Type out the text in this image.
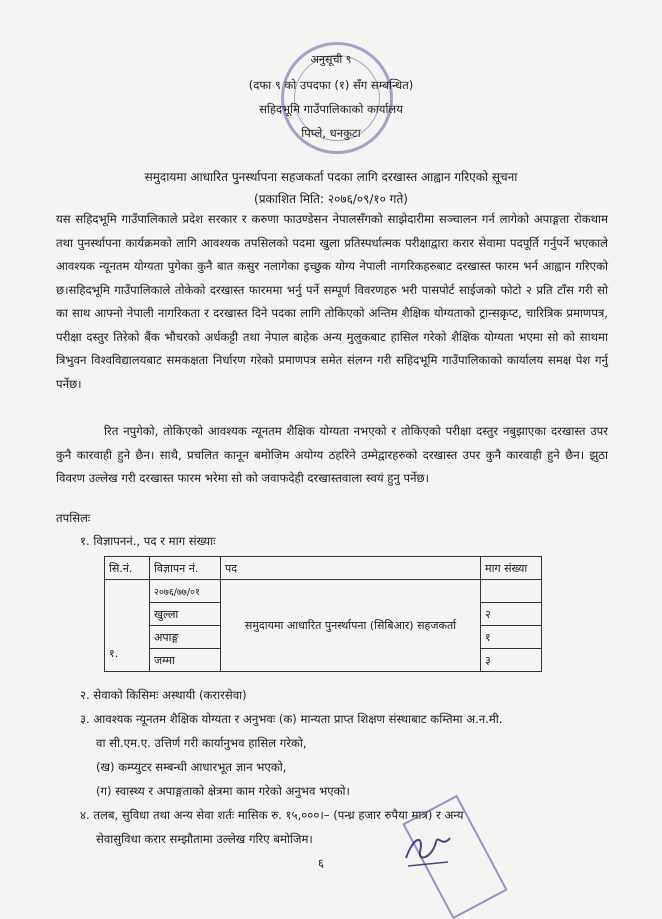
अनुसूची ९
(दफा ९ को उपदफा (१) सँग सम्बन्धित)
सहिदभूमि गाउँपालिकाको कार्यालय
पिप्ले, धनकुटा
समुदायमा आधारित पुनर्स्थापना सहजकर्ता पदका लागि दरखास्त आह्वान गरिएको सूचना
(प्रकाशित मिति: २०७६/०९/१० गते)
यस सहिदभूमि गाउँपालिकाले प्रदेश सरकार र करुणा फाउण्डेसन नेपालसँगको साझेदारीमा सञ्चालन गर्न लागेको अपाङ्गता रोकथाम तथा पुनर्स्थापना कार्यक्रमको लागि आवश्यक तपसिलको पदमा खुला प्रतिस्पर्धात्मक परीक्षाद्वारा करार सेवामा पदपूर्ति गर्नुपर्ने भएकाले आवश्यक न्यूनतम योग्यता पुगेका कुनै बात कसुर नलागेका इच्छुक योग्य नेपाली नागरिकहरुबाट दरखास्त फारम भर्न आह्वान गरिएको छ।सहिदभूमि गाउँपालिकाले तोकेको दरखास्त फारममा भर्नु पर्ने सम्पूर्ण विवरणहरु भरी पासपोर्ट साईजको फोटो २ प्रति टाँस गरी सो का साथ आफ्नो नेपाली नागरिकता र दरखास्त दिने पदका लागि तोकिएको अन्तिम शैक्षिक योग्यताको ट्रान्सक्रृप्ट, चारित्रिक प्रमाणपत्र, परीक्षा दस्तुर तिरेको बैंक भौचरको अर्धकट्टी तथा नेपाल बाहेक अन्य मुलुकबाट हासिल गरेको शैक्षिक योग्यता भएमा सो को साथमा त्रिभुवन विश्वविद्यालयबाट समकक्षता निर्धारण गरेको प्रमाणपत्र समेत संलग्न गरी सहिदभूमि गाउँपालिकाको कार्यालय समक्ष पेश गर्नु पर्नेछ।
रित नपुगेको, तोकिएको आवश्यक न्यूनतम शैक्षिक योग्यता नभएको र तोकिएको परीक्षा दस्तुर नबुझाएका दरखास्त उपर कुनै कारवाही हुने छैन। साथै, प्रचलित कानून बमोजिम अयोग्य ठहरिने उम्मेद्वारहरुको दरखास्त उपर कुनै कारवाही हुने छैन। झुठा विवरण उल्लेख गरी दरखास्त फारम भरेमा सो को जवाफदेही दरखास्तवाला स्वयं हुनु पर्नेछ।
तपसिलः
१. विज्ञापननं., पद र माग संख्याः
सि.नं.	विज्ञापन नं.	पद	माग संख्या
१.	२०७६/७७/०१	समुदायमा आधारित पुनर्स्थापना (सिबिआर) सहजकर्ता	
	खुल्ला		२
	अपाङ्ग		१
	जम्मा		३
२. सेवाको किसिमः अस्थायी (करारसेवा)
३. आवश्यक न्यूनतम शैक्षिक योग्यता र अनुभवः (क) मान्यता प्राप्त शिक्षण संस्थाबाट कम्तिमा अ.न.मी.
वा सी.एम.ए. उत्तिर्ण गरी कार्यानुभव हासिल गरेको,
(ख) कम्प्युटर सम्बन्धी आधारभूत ज्ञान भएको,
(ग) स्वास्थ्य र अपाङ्गताको क्षेत्रमा काम गरेको अनुभव भएको।
४. तलब, सुविधा तथा अन्य सेवा शर्तः मासिक रु. १५,०००।– (पन्ध्र हजार रुपैया मात्र) र अन्य
सेवासुविधा करार सम्झौतामा उल्लेख गरिए बमोजिम।
६
